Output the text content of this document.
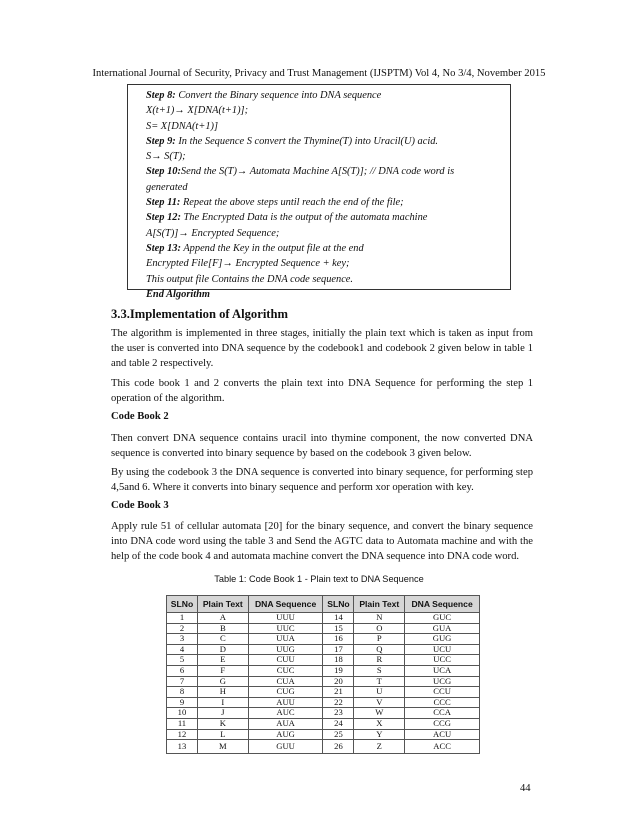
International Journal of Security, Privacy and Trust Management (IJSPTM) Vol 4, No 3/4, November 2015
Step 8: Convert the Binary sequence into DNA sequence
X(t+1)→ X[DNA(t+1)];
S= X[DNA(t+1)]
Step 9: In the Sequence S convert the Thymine(T) into Uracil(U) acid.
S→ S(T);
Step 10:Send the S(T)→ Automata Machine A[S(T)]; // DNA code word is
generated
Step 11: Repeat the above steps until reach the end of the file;
Step 12: The Encrypted Data is the output of the automata machine
A[S(T)]→ Encrypted Sequence;
Step 13: Append the Key in the output file at the end
Encrypted File[F]→ Encrypted Sequence + key;
This output file Contains the DNA code sequence.
End Algorithm
3.3.Implementation of Algorithm
The algorithm is implemented in three stages, initially the plain text which is taken as input from the user is converted into DNA sequence by the codebook1 and codebook 2 given below in table 1 and table 2 respectively.
This code book 1 and 2 converts the plain text into DNA Sequence for performing the step 1 operation of the algorithm.
Code Book 2
Then convert DNA sequence contains uracil into thymine component, the now converted DNA sequence is converted into binary sequence by based on the codebook 3 given below.
By using the codebook 3 the DNA sequence is converted into binary sequence, for performing step 4,5and 6. Where it converts into binary sequence and perform xor operation with key.
Code Book 3
Apply rule 51 of cellular automata [20] for the binary sequence, and convert the binary sequence into DNA code word using the table 3 and Send the AGTC data to Automata machine and with the help of the code book 4 and automata machine convert the DNA sequence into DNA code word.
Table 1: Code Book 1 - Plain text to DNA Sequence
SLNo	Plain Text	DNA Sequence	SLNo	Plain Text	DNA Sequence
1	A	UUU	14	N	GUC
2	B	UUC	15	O	GUA
3	C	UUA	16	P	GUG
4	D	UUG	17	Q	UCU
5	E	CUU	18	R	UCC
6	F	CUC	19	S	UCA
7	G	CUA	20	T	UCG
8	H	CUG	21	U	CCU
9	I	AUU	22	V	CCC
10	J	AUC	23	W	CCA
11	K	AUA	24	X	CCG
12	L	AUG	25	Y	ACU
13	M	GUU	26	Z	ACC
44
